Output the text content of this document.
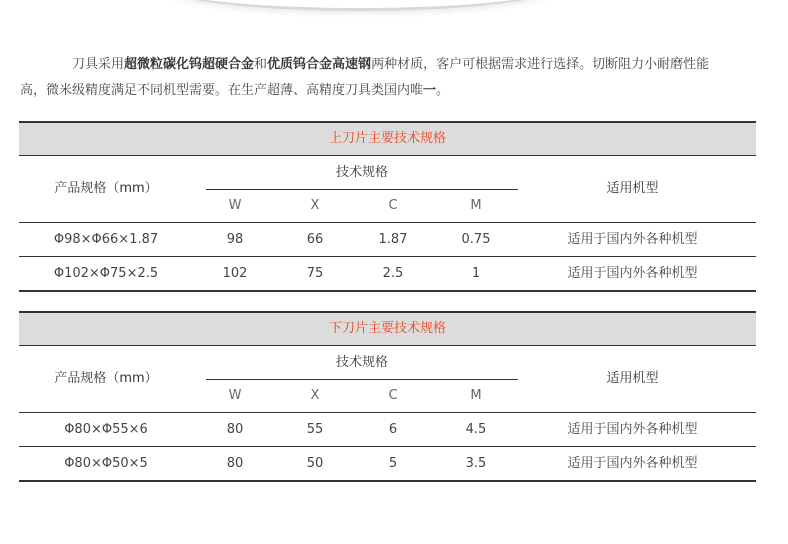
刀具采用超微粒碳化钨超硬合金和优质钨合金高速钢两种材质，客户可根据需求进行选择。切断阻力小耐磨性能
高，微米级精度满足不同机型需要。在生产超薄、高精度刀具类国内唯一。
上刀片主要技术规格
产品规格（mm）
技术规格
W	X	C	M
适用机型
Φ98×Φ66×1.87	98	66	1.87	0.75	适用于国内外各种机型
Φ102×Φ75×2.5	102	75	2.5	1	适用于国内外各种机型
下刀片主要技术规格
产品规格（mm）
技术规格
W	X	C	M
适用机型
Φ80×Φ55×6	80	55	6	4.5	适用于国内外各种机型
Φ80×Φ50×5	80	50	5	3.5	适用于国内外各种机型
